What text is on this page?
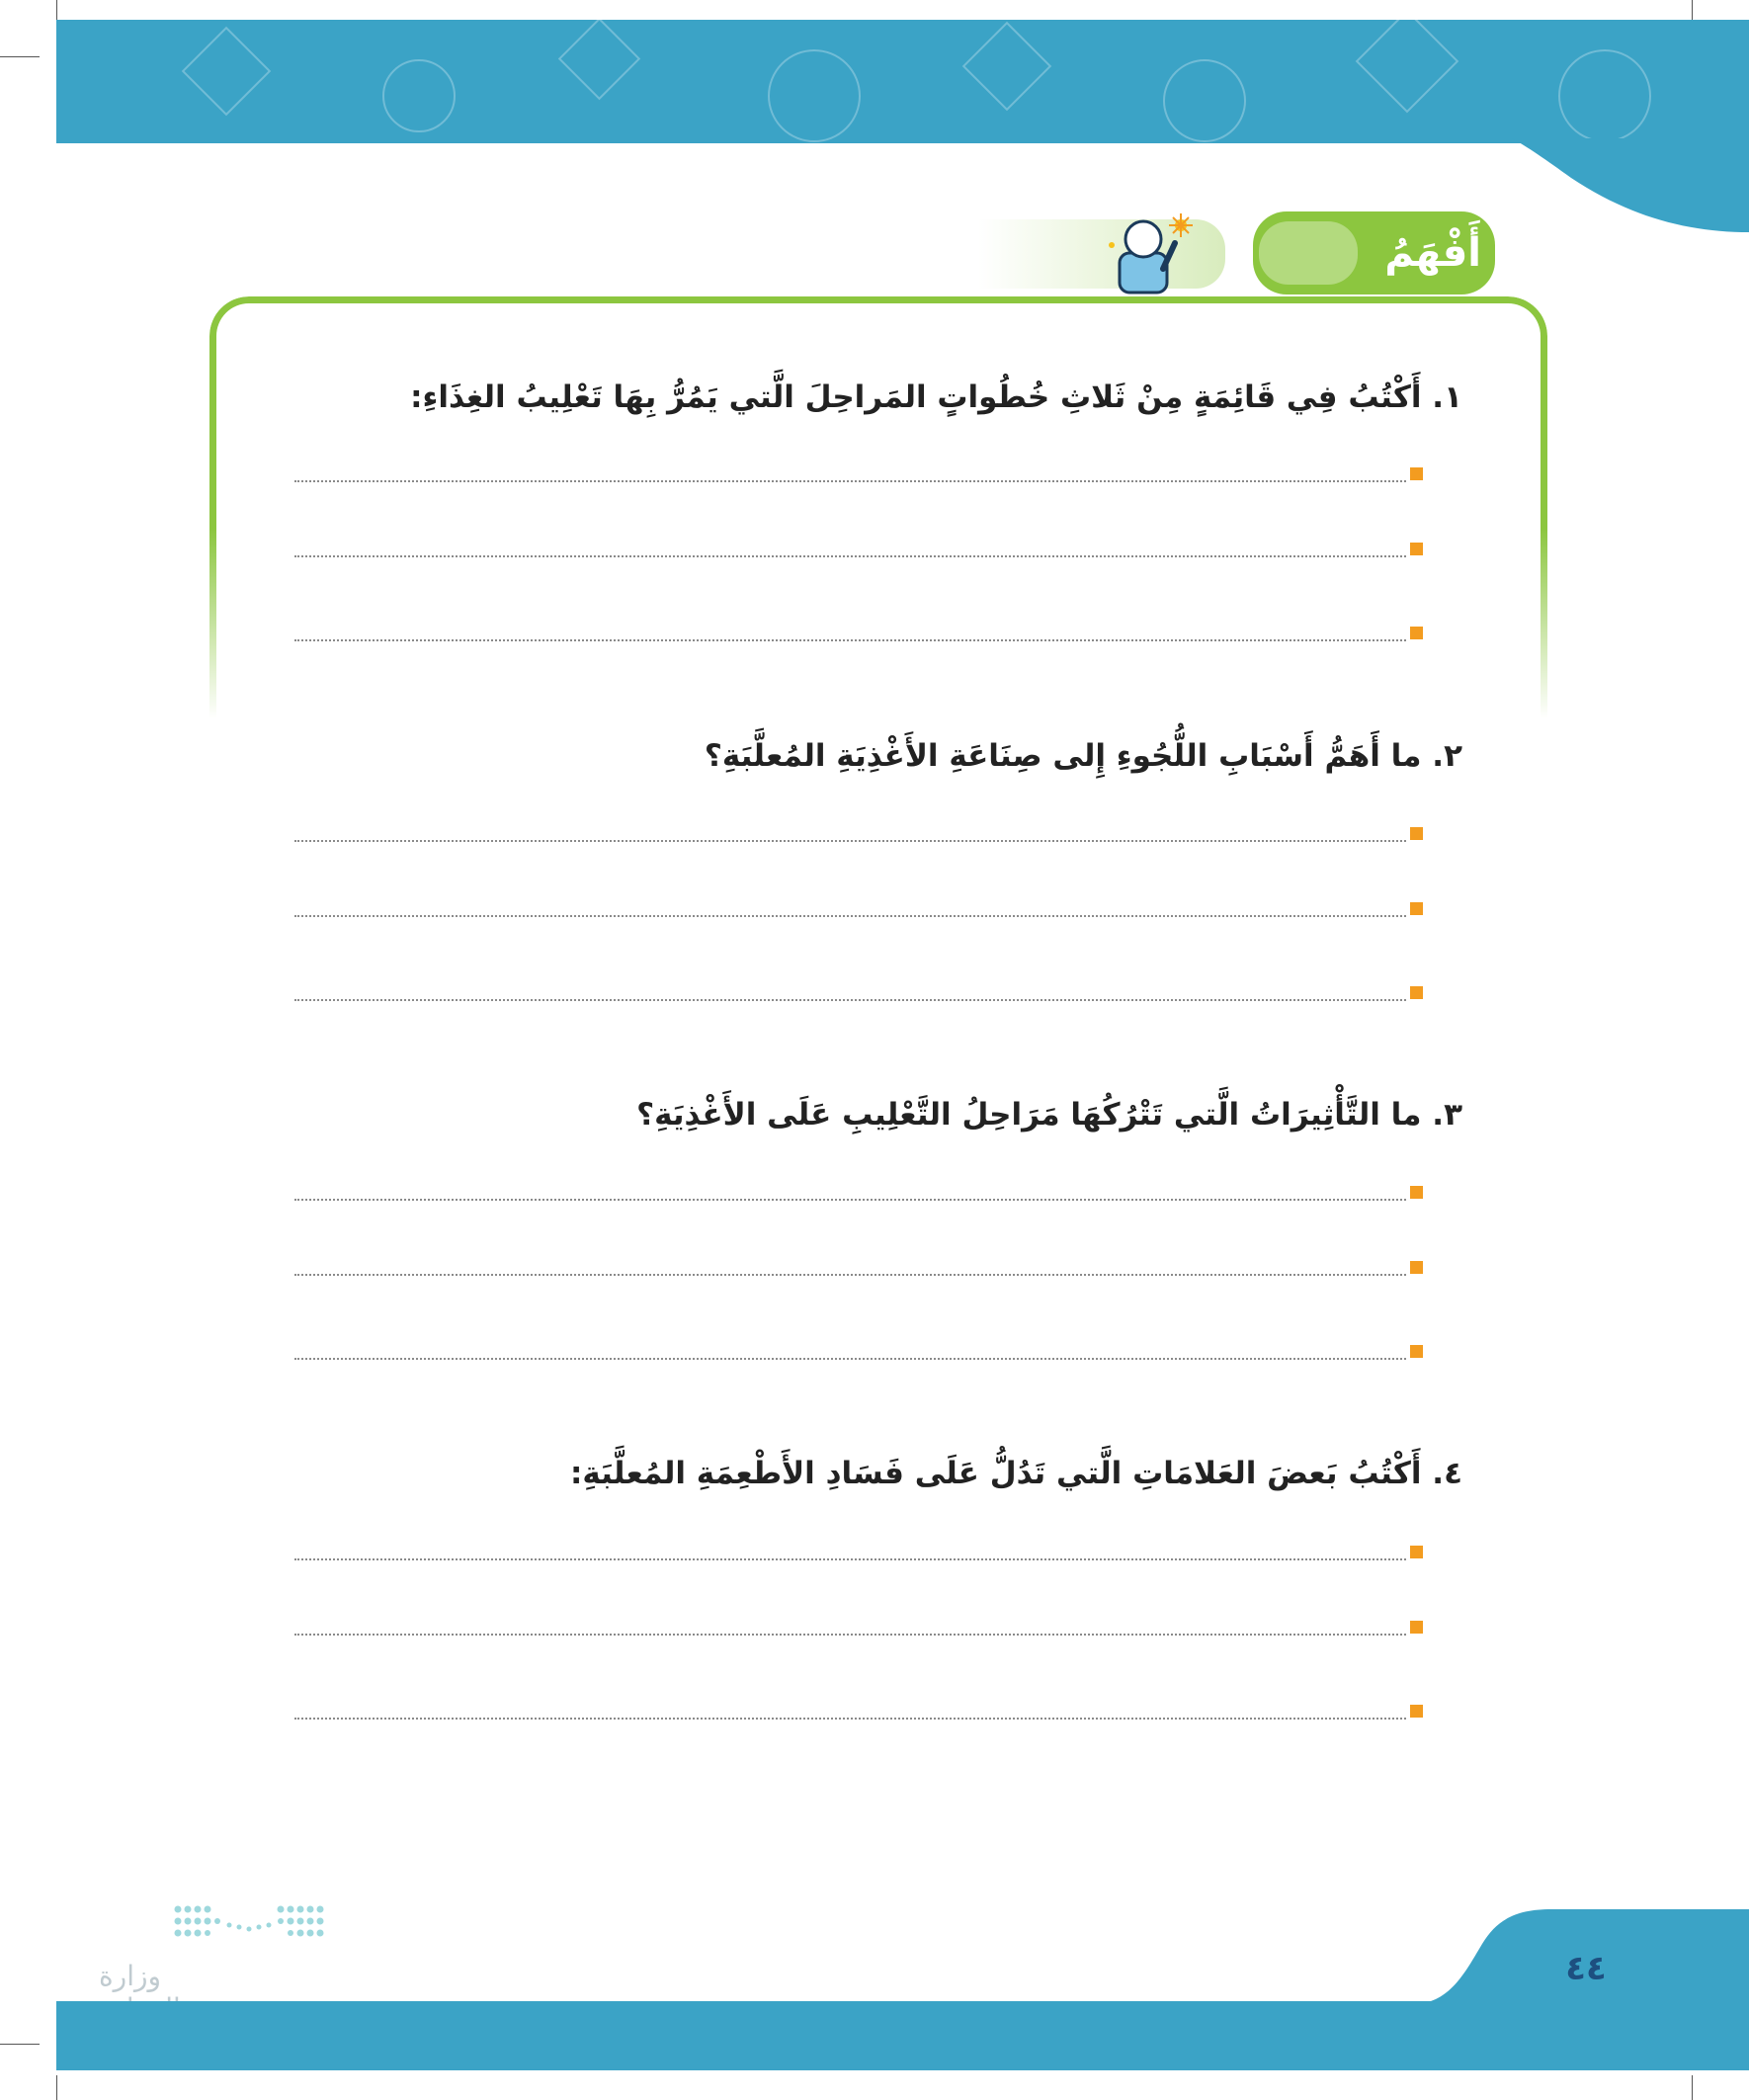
أَفْهَمُ وأُجِيبُ
١. أَكْتُبُ فِي قَائِمَةٍ مِنْ ثَلاثِ خُطُواتٍ المَراحِلَ الَّتي يَمُرُّ بِهَا تَعْلِيبُ الغِذَاءِ:
٢. ما أَهَمُّ أَسْبَابِ اللُّجُوءِ إِلى صِنَاعَةِ الأَغْذِيَةِ المُعلَّبَةِ؟
٣. ما التَّأْثِيرَاتُ الَّتي تَتْرُكُهَا مَرَاحِلُ التَّعْلِيبِ عَلَى الأَغْذِيَةِ؟
٤. أَكْتُبُ بَعضَ العَلامَاتِ الَّتي تَدُلُّ عَلَى فَسَادِ الأَطْعِمَةِ المُعلَّبَةِ:
وزارة	٤٤
